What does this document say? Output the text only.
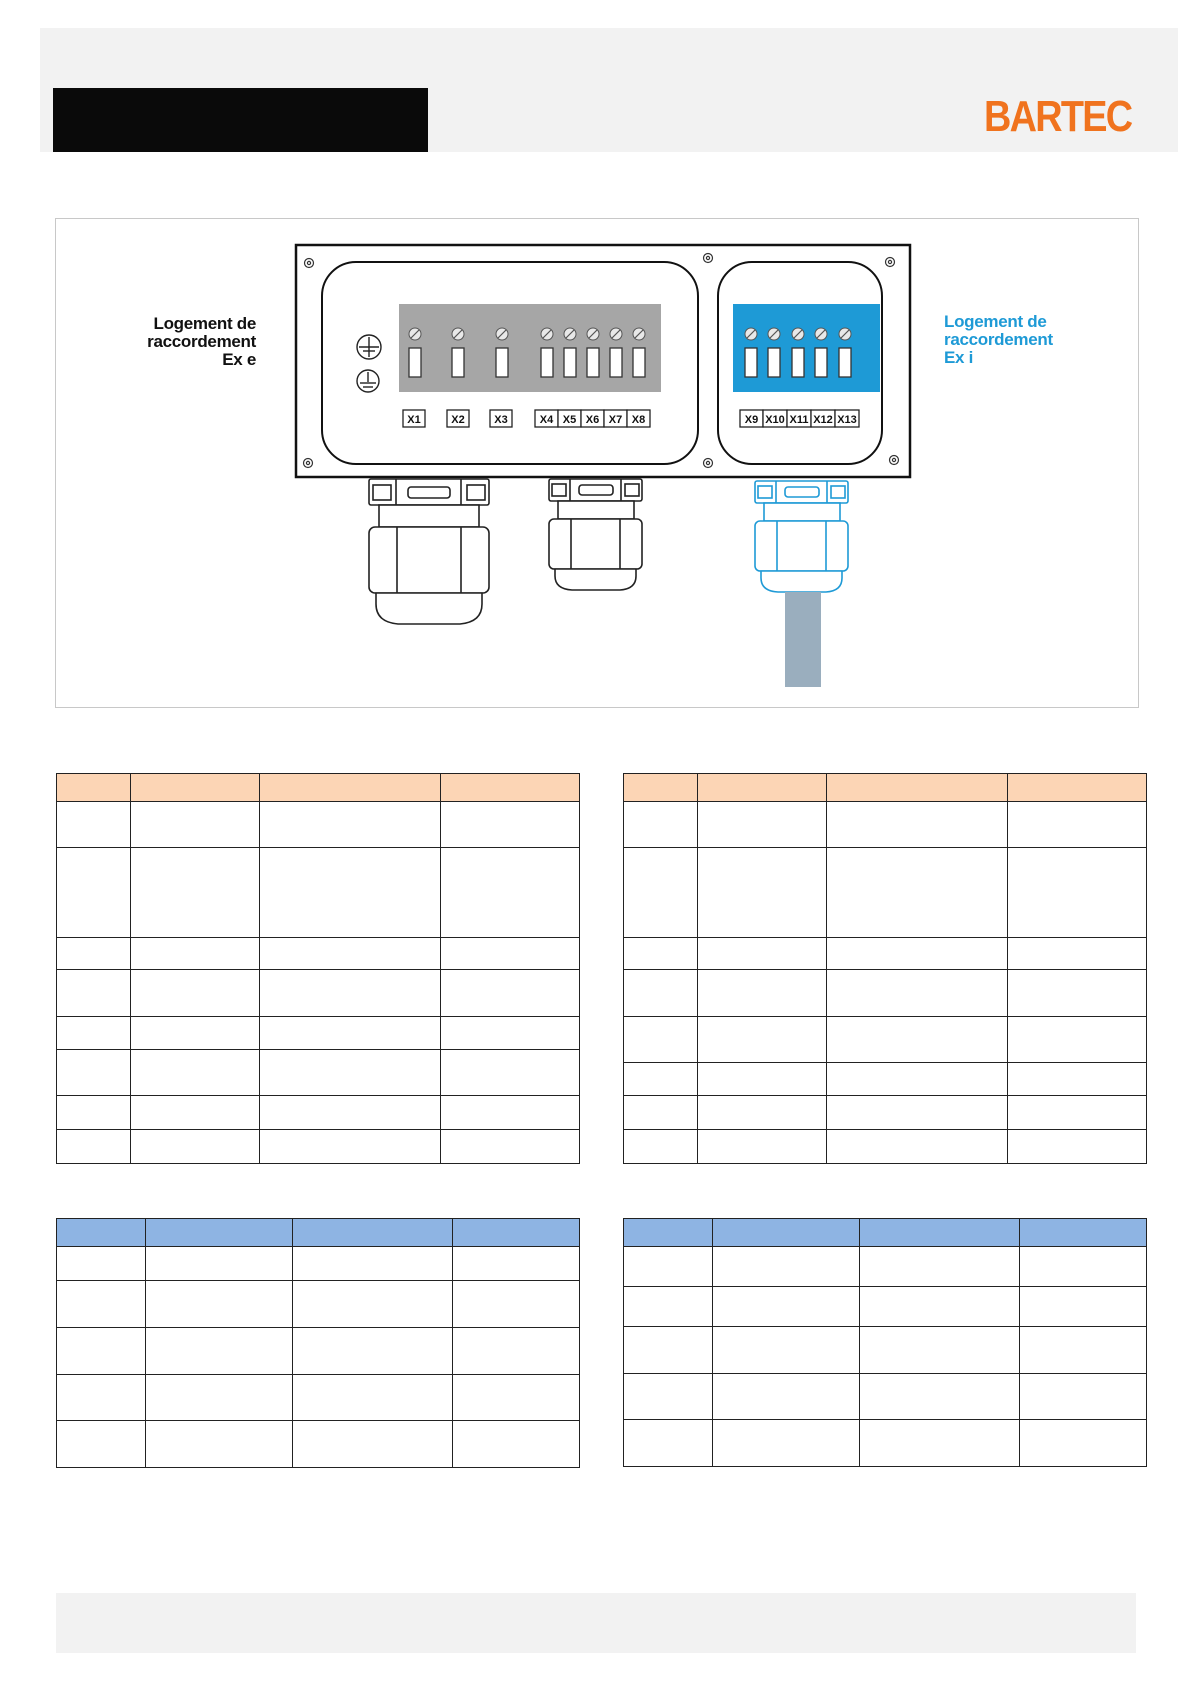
BARTEC
X1	X2	X3	X4 X5 X6 X7 X8	X9 X10 X11 X12 X13
Logement de
raccordement
Ex e
Logement de
raccordement
Ex i
